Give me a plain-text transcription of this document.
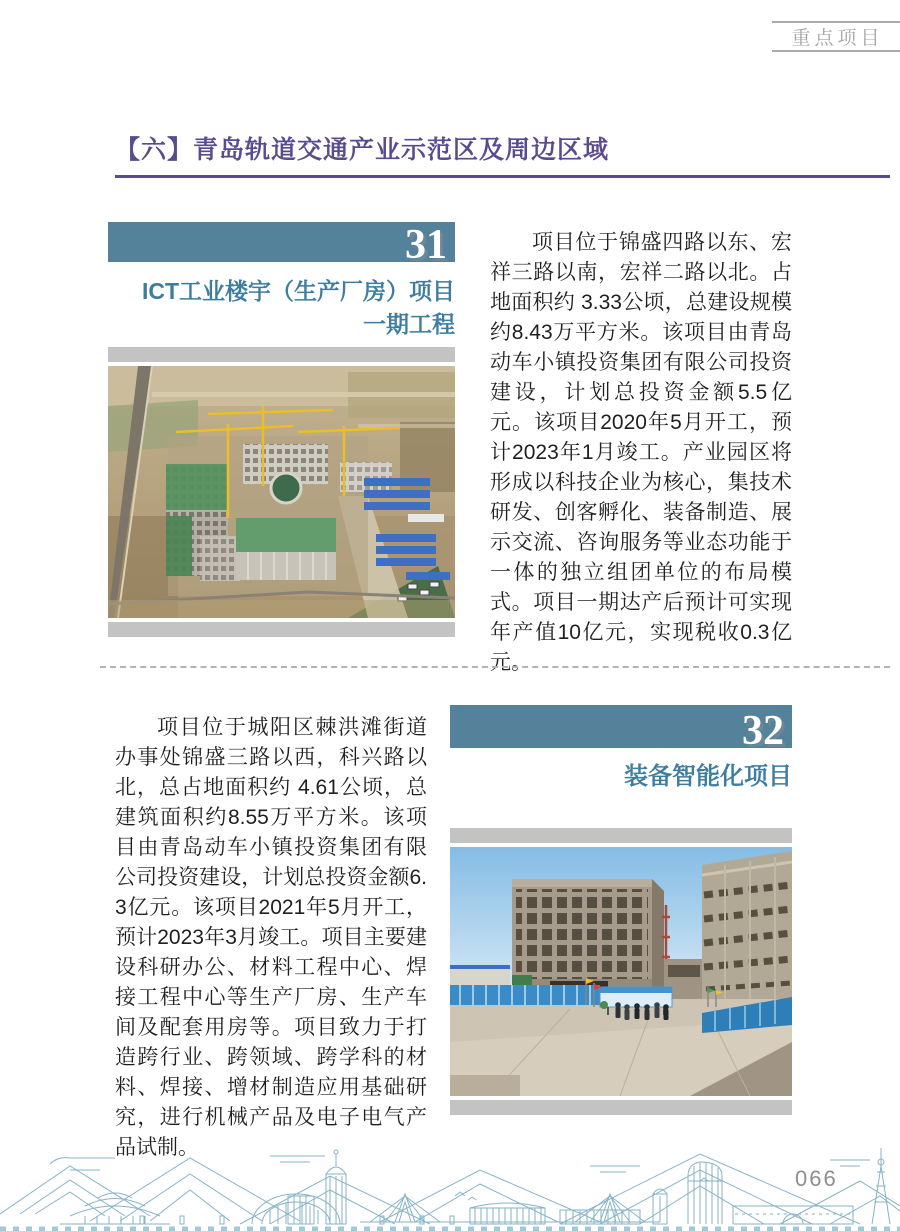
重点项目
【六】青岛轨道交通产业示范区及周边区域
31
ICT工业楼宇（生产厂房）项目
一期工程

项目位于锦盛四路以东、宏祥三路以南，宏祥二路以北。占地面积约 3.33公顷，总建设规模约8.43万平方米。该项目由青岛动车小镇投资集团有限公司投资建设，计划总投资金额5.5亿元。该项目2020年5月开工，预计2023年1月竣工。产业园区将形成以科技企业为核心，集技术研发、创客孵化、装备制造、展示交流、咨询服务等业态功能于一体的独立组团单位的布局模式。项目一期达产后预计可实现年产值10亿元，实现税收0.3亿元。

项目位于城阳区棘洪滩街道办事处锦盛三路以西，科兴路以北，总占地面积约 4.61公顷，总建筑面积约8.55万平方米。该项目由青岛动车小镇投资集团有限公司投资建设，计划总投资金额6.3亿元。该项目2021年5月开工，预计2023年3月竣工。项目主要建设科研办公、材料工程中心、焊接工程中心等生产厂房、生产车间及配套用房等。项目致力于打造跨行业、跨领域、跨学科的材料、焊接、增材制造应用基础研究，进行机械产品及电子电气产品试制。

32
装备智能化项目
066
